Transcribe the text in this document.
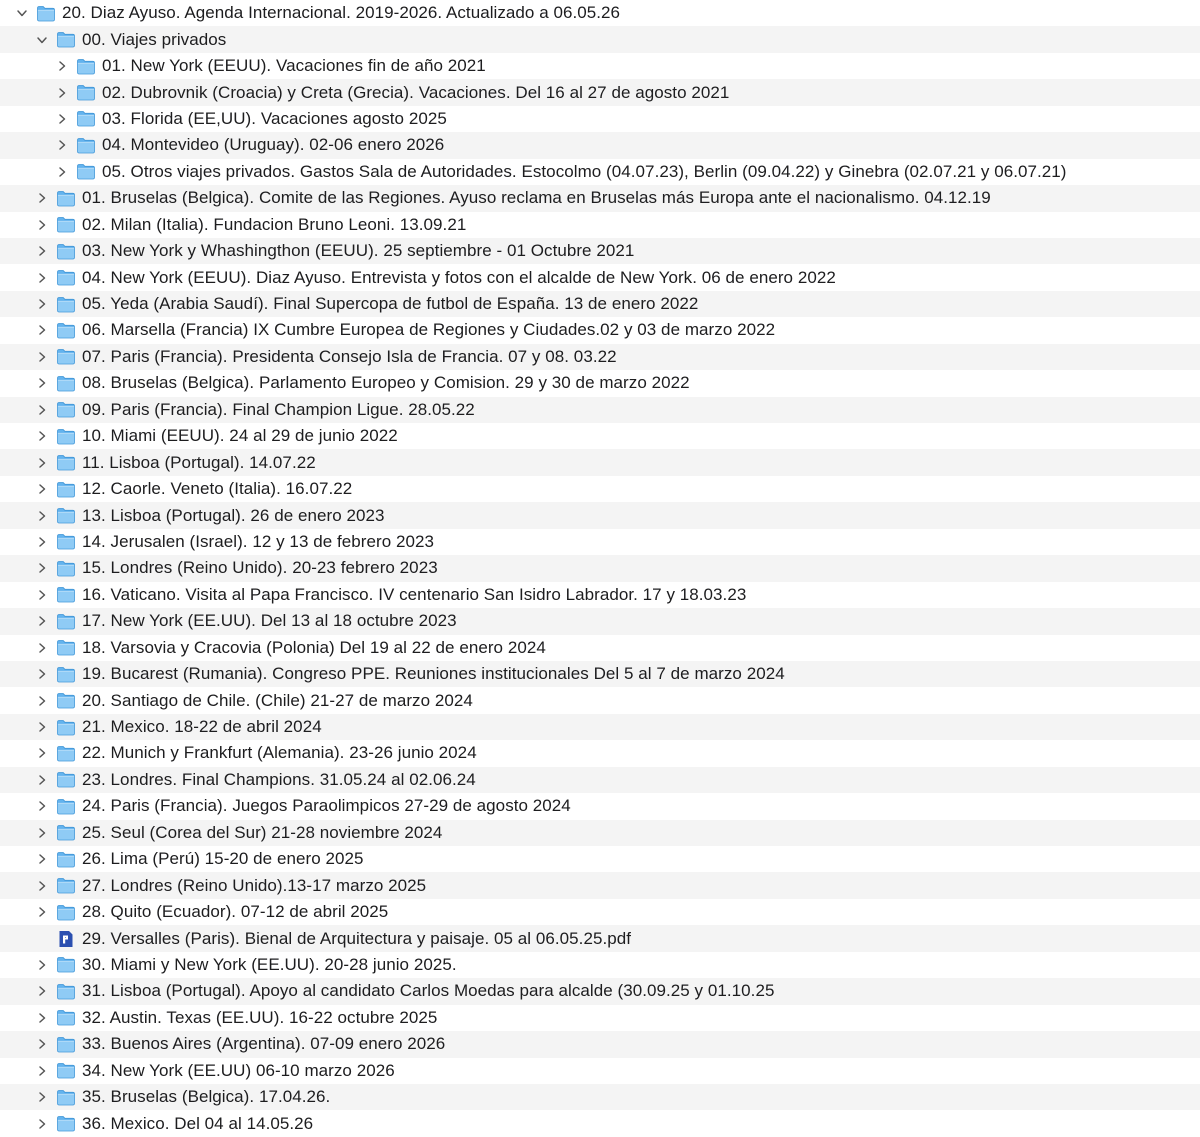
20. Diaz Ayuso. Agenda Internacional. 2019-2026. Actualizado a 06.05.26
00. Viajes privados
01. New York (EEUU). Vacaciones fin de año 2021
02. Dubrovnik (Croacia) y Creta (Grecia). Vacaciones. Del 16 al 27 de agosto 2021
03. Florida (EE,UU). Vacaciones agosto 2025
04. Montevideo (Uruguay). 02-06 enero 2026
05. Otros viajes privados. Gastos Sala de Autoridades. Estocolmo (04.07.23), Berlin (09.04.22) y Ginebra (02.07.21 y 06.07.21)
01. Bruselas (Belgica). Comite de las Regiones. Ayuso reclama en Bruselas más Europa ante el nacionalismo. 04.12.19
02. Milan (Italia). Fundacion Bruno Leoni. 13.09.21
03. New York y Whashingthon (EEUU). 25 septiembre - 01 Octubre 2021
04. New York (EEUU). Diaz Ayuso. Entrevista y fotos con el alcalde de New York. 06 de enero 2022
05. Yeda (Arabia Saudí). Final Supercopa de futbol de España. 13 de enero 2022
06. Marsella (Francia) IX Cumbre Europea de Regiones y Ciudades.02 y 03 de marzo 2022
07. Paris (Francia). Presidenta Consejo Isla de Francia. 07 y 08. 03.22
08. Bruselas (Belgica). Parlamento Europeo y Comision. 29 y 30 de marzo 2022
09. Paris (Francia). Final Champion Ligue. 28.05.22
10. Miami (EEUU). 24 al 29 de junio 2022
11. Lisboa (Portugal). 14.07.22
12. Caorle. Veneto (Italia). 16.07.22
13. Lisboa (Portugal). 26 de enero 2023
14. Jerusalen (Israel). 12 y 13 de febrero 2023
15. Londres (Reino Unido). 20-23 febrero 2023
16. Vaticano. Visita al Papa Francisco. IV centenario San Isidro Labrador. 17 y 18.03.23
17. New York (EE.UU). Del 13 al 18 octubre 2023
18. Varsovia y Cracovia (Polonia) Del 19 al 22 de enero 2024
19. Bucarest (Rumania). Congreso PPE. Reuniones institucionales Del 5 al 7 de marzo 2024
20. Santiago de Chile. (Chile) 21-27 de marzo 2024
21. Mexico. 18-22 de abril 2024
22. Munich y Frankfurt (Alemania). 23-26 junio 2024
23. Londres. Final Champions. 31.05.24 al 02.06.24
24. Paris (Francia). Juegos Paraolimpicos 27-29 de agosto 2024
25. Seul (Corea del Sur) 21-28 noviembre 2024
26. Lima (Perú) 15-20 de enero 2025
27. Londres (Reino Unido).13-17 marzo 2025
28. Quito (Ecuador). 07-12 de abril 2025
29. Versalles (Paris). Bienal de Arquitectura y paisaje. 05 al 06.05.25.pdf
30. Miami y New York (EE.UU). 20-28 junio 2025.
31. Lisboa (Portugal). Apoyo al candidato Carlos Moedas para alcalde (30.09.25 y 01.10.25
32. Austin. Texas (EE.UU). 16-22 octubre 2025
33. Buenos Aires (Argentina). 07-09 enero 2026
34. New York (EE.UU) 06-10 marzo 2026
35. Bruselas (Belgica). 17.04.26.
36. Mexico. Del 04 al 14.05.26
